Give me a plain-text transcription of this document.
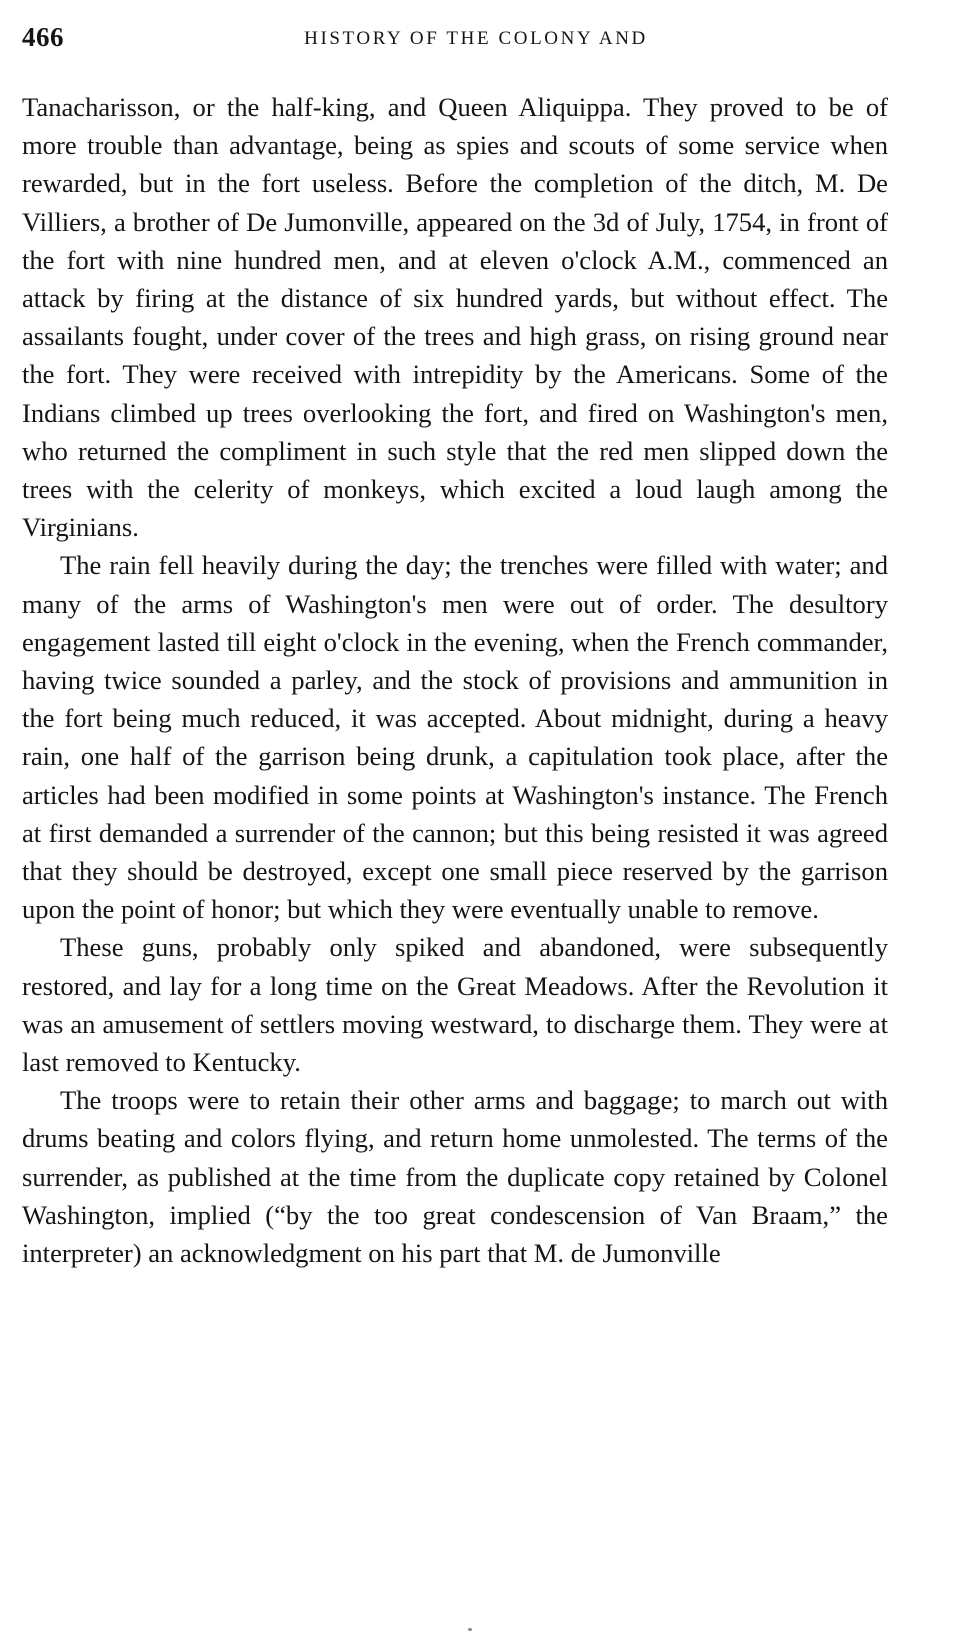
466	HISTORY OF THE COLONY AND

Tanacharisson, or the half-king, and Queen Aliquippa. They proved to be of more trouble than advantage, being as spies and scouts of some service when rewarded, but in the fort useless. Before the completion of the ditch, M. De Villiers, a brother of De Jumonville, appeared on the 3d of July, 1754, in front of the fort with nine hundred men, and at eleven o'clock A.M., commenced an attack by firing at the distance of six hundred yards, but without effect. The assailants fought, under cover of the trees and high grass, on rising ground near the fort. They were received with intrepidity by the Americans. Some of the Indians climbed up trees overlooking the fort, and fired on Washington's men, who returned the compliment in such style that the red men slipped down the trees with the celerity of monkeys, which excited a loud laugh among the Virginians.

The rain fell heavily during the day; the trenches were filled with water; and many of the arms of Washington's men were out of order. The desultory engagement lasted till eight o'clock in the evening, when the French commander, having twice sounded a parley, and the stock of provisions and ammunition in the fort being much reduced, it was accepted. About midnight, during a heavy rain, one half of the garrison being drunk, a capitulation took place, after the articles had been modified in some points at Washington's instance. The French at first demanded a surrender of the cannon; but this being resisted it was agreed that they should be destroyed, except one small piece reserved by the garrison upon the point of honor; but which they were eventually unable to remove.

These guns, probably only spiked and abandoned, were subsequently restored, and lay for a long time on the Great Meadows. After the Revolution it was an amusement of settlers moving westward, to discharge them. They were at last removed to Kentucky.

The troops were to retain their other arms and baggage; to march out with drums beating and colors flying, and return home unmolested. The terms of the surrender, as published at the time from the duplicate copy retained by Colonel Washington, implied (“by the too great condescension of Van Braam,” the interpreter) an acknowledgment on his part that M. de Jumonville
